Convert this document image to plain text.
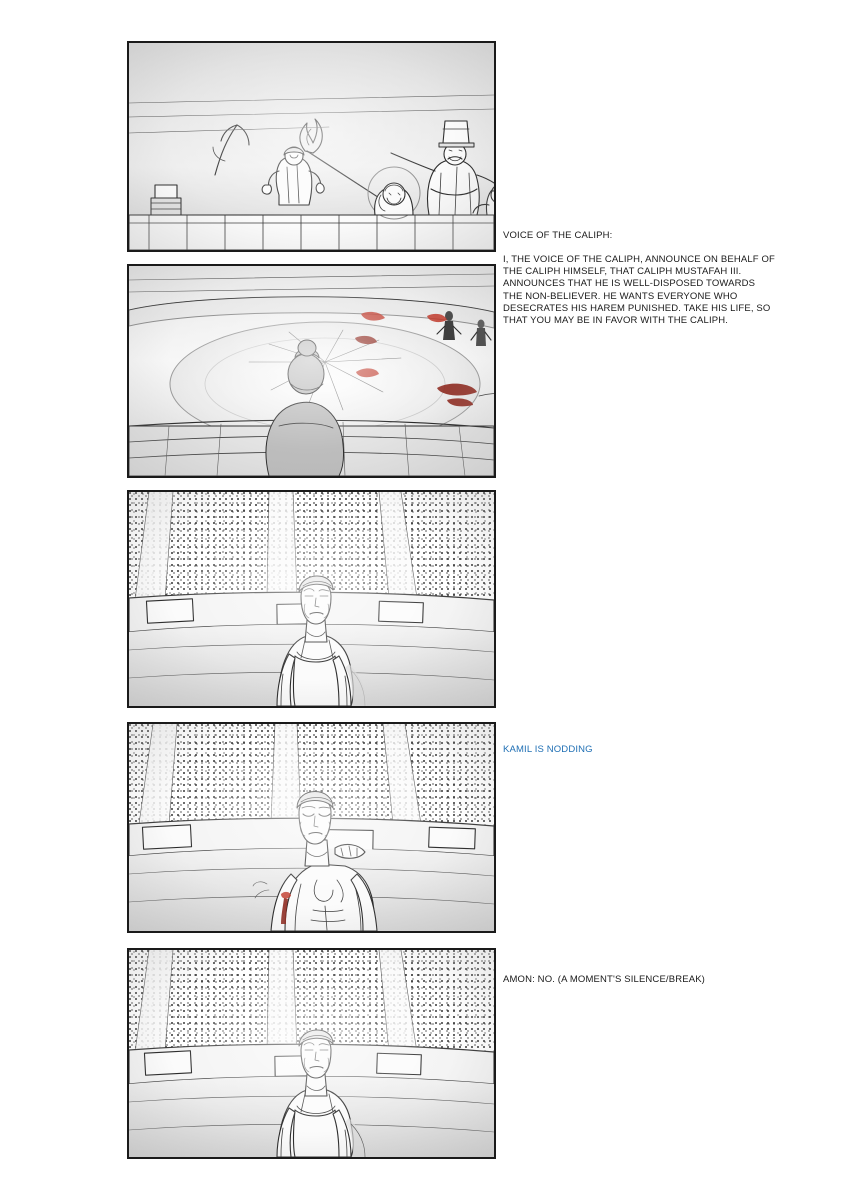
VOICE OF THE CALIPH:

I, THE VOICE OF THE CALIPH, ANNOUNCE ON BEHALF OF THE CALIPH HIMSELF, THAT CALIPH MUSTAFAH III. ANNOUNCES THAT HE IS WELL-DISPOSED TOWARDS THE NON-BELIEVER. HE WANTS EVERYONE WHO DESECRATES HIS HAREM PUNISHED. TAKE HIS LIFE, SO THAT YOU MAY BE IN FAVOR WITH THE CALIPH.

KAMIL IS NODDING

AMON: NO. (A MOMENT'S SILENCE/BREAK)
